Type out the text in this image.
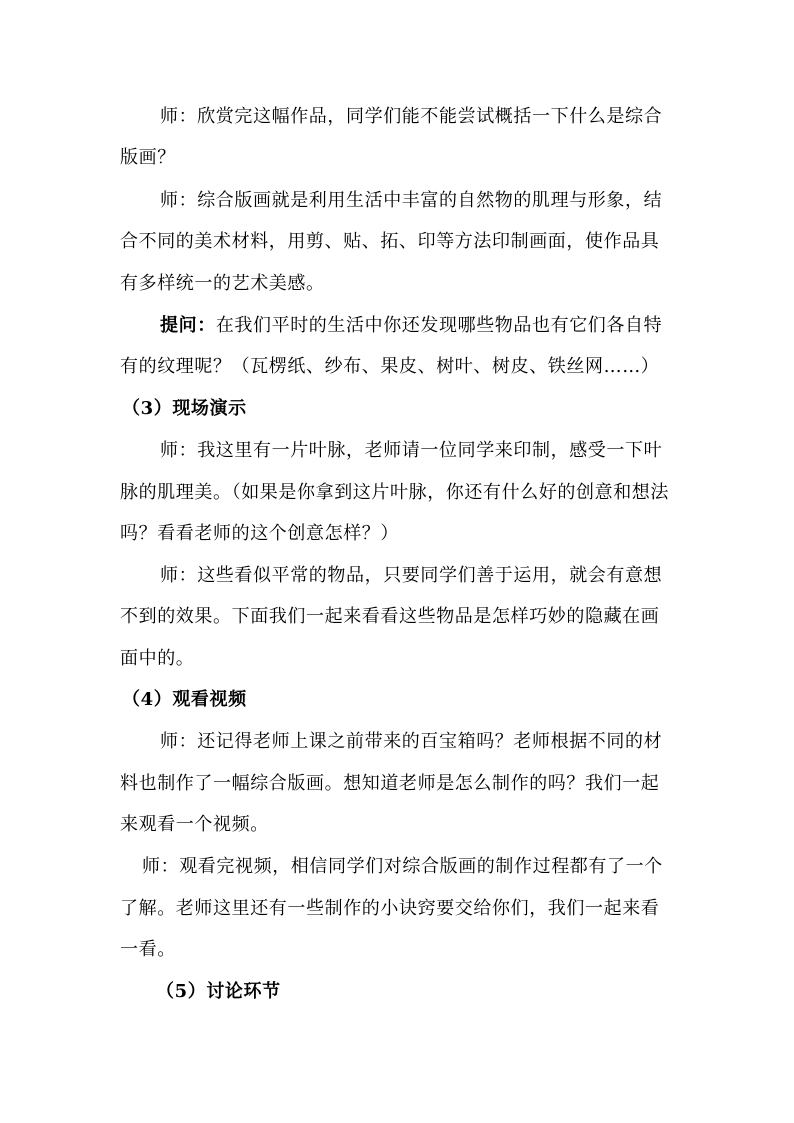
师：欣赏完这幅作品，同学们能不能尝试概括一下什么是综合
版画？
师：综合版画就是利用生活中丰富的自然物的肌理与形象，结
合不同的美术材料，用剪、贴、拓、印等方法印制画面，使作品具
有多样统一的艺术美感。
提问：在我们平时的生活中你还发现哪些物品也有它们各自特
有的纹理呢？（瓦楞纸、纱布、果皮、树叶、树皮、铁丝网……）
（3）现场演示
师：我这里有一片叶脉，老师请一位同学来印制，感受一下叶
脉的肌理美。（如果是你拿到这片叶脉，你还有什么好的创意和想法
吗？看看老师的这个创意怎样？）
师：这些看似平常的物品，只要同学们善于运用，就会有意想
不到的效果。下面我们一起来看看这些物品是怎样巧妙的隐藏在画
面中的。
（4）观看视频
师：还记得老师上课之前带来的百宝箱吗？老师根据不同的材
料也制作了一幅综合版画。想知道老师是怎么制作的吗？我们一起
来观看一个视频。
师：观看完视频，相信同学们对综合版画的制作过程都有了一个
了解。老师这里还有一些制作的小诀窍要交给你们，我们一起来看
一看。
（5）讨论环节
